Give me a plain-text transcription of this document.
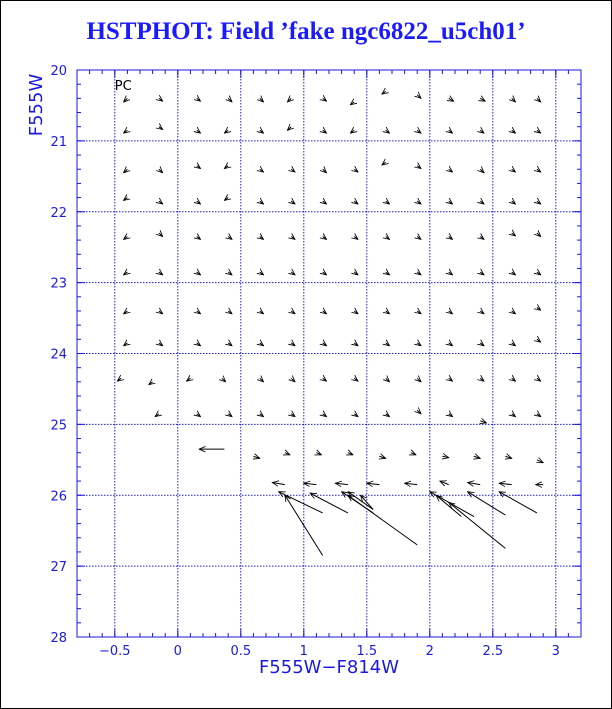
HSTPHOT: Field ’fake ngc6822_u5ch01’
−0.5	0	0.5	1	1.5	2	2.5	3
20
21
22
23
24
25
26
27
28
PC
F555W−F814W
F555W
